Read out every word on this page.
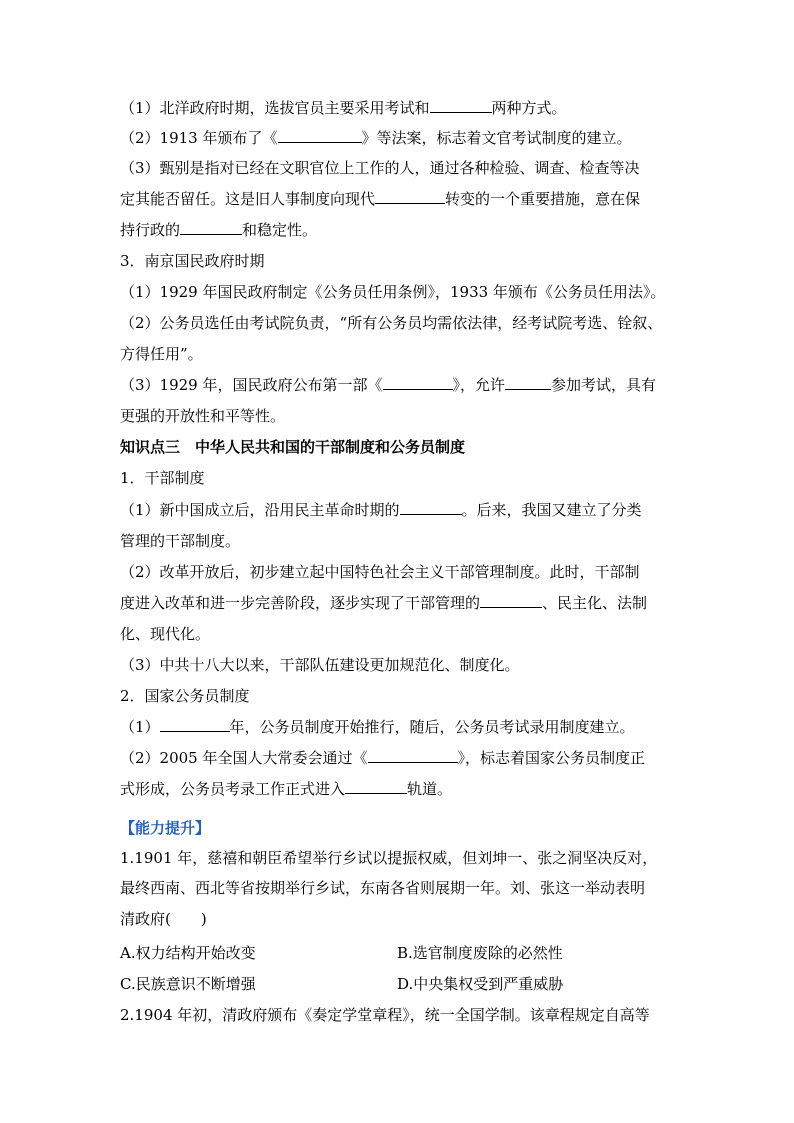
（1）北洋政府时期，选拔官员主要采用考试和	两种方式。
（2）1913 年颁布了《	》等法案，标志着文官考试制度的建立。
（3）甄别是指对已经在文职官位上工作的人，通过各种检验、调查、检查等决
定其能否留任。这是旧人事制度向现代	转变的一个重要措施，意在保
持行政的	和稳定性。
3．南京国民政府时期
（1）1929 年国民政府制定《公务员任用条例》，1933 年颁布《公务员任用法》。
（2）公务员选任由考试院负责，“所有公务员均需依法律，经考试院考选、铨叙、
方得任用”。
（3）1929 年，国民政府公布第一部《	》，允许	参加考试，具有
更强的开放性和平等性。
知识点三　中华人民共和国的干部制度和公务员制度
1．干部制度
（1）新中国成立后，沿用民主革命时期的	。后来，我国又建立了分类
管理的干部制度。
（2）改革开放后，初步建立起中国特色社会主义干部管理制度。此时，干部制
度进入改革和进一步完善阶段，逐步实现了干部管理的	、民主化、法制
化、现代化。
（3）中共十八大以来，干部队伍建设更加规范化、制度化。
2．国家公务员制度
（1）	年，公务员制度开始推行，随后，公务员考试录用制度建立。
（2）2005 年全国人大常委会通过《	》，标志着国家公务员制度正
式形成，公务员考录工作正式进入	轨道。
【能力提升】
1.1901 年，慈禧和朝臣希望举行乡试以提振权威，但刘坤一、张之洞坚决反对，
最终西南、西北等省按期举行乡试，东南各省则展期一年。刘、张这一举动表明
清政府(　　)
A.权力结构开始改变	B.选官制度废除的必然性
C.民族意识不断增强	D.中央集权受到严重威胁
2.1904 年初，清政府颁布《奏定学堂章程》，统一全国学制。该章程规定自高等
